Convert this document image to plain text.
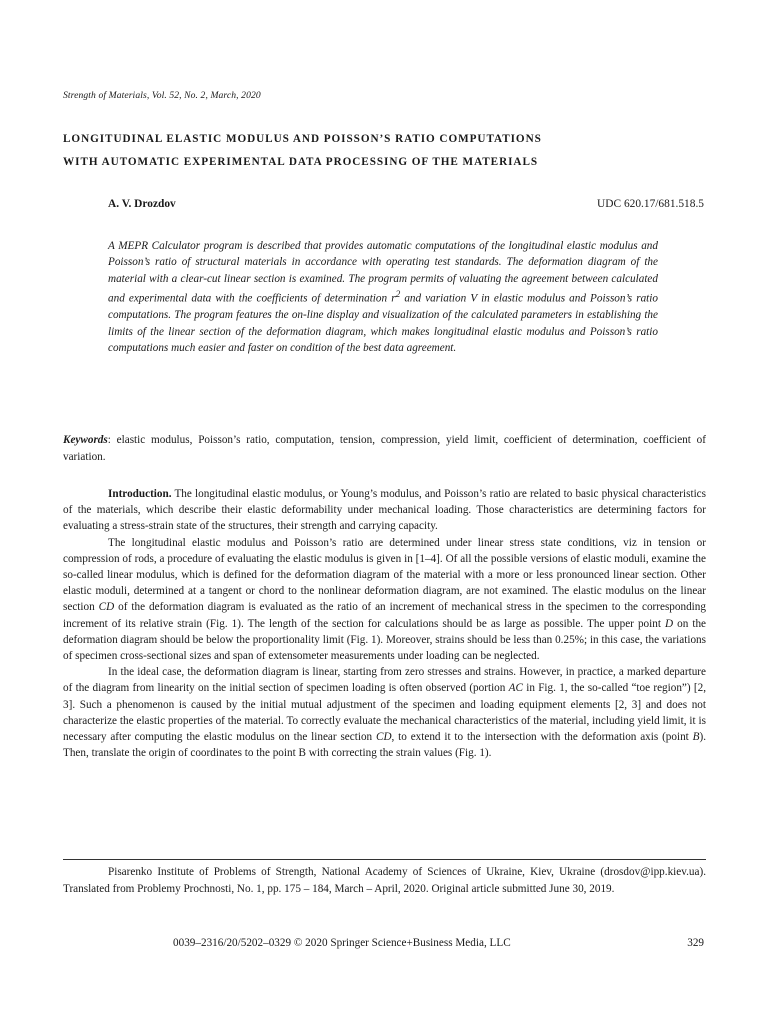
Strength of Materials, Vol. 52, No. 2, March, 2020
LONGITUDINAL ELASTIC MODULUS AND POISSON’S RATIO COMPUTATIONS
WITH AUTOMATIC EXPERIMENTAL DATA PROCESSING OF THE MATERIALS
A. V. Drozdov	UDC 620.17/681.518.5

A MEPR Calculator program is described that provides automatic computations of the longitudinal elastic modulus and Poisson’s ratio of structural materials in accordance with operating test standards. The deformation diagram of the material with a clear-cut linear section is examined. The program permits of valuating the agreement between calculated and experimental data with the coefficients of determination $r^2$ and variation V in elastic modulus and Poisson’s ratio computations. The program features the on-line display and visualization of the calculated parameters in establishing the limits of the linear section of the deformation diagram, which makes longitudinal elastic modulus and Poisson’s ratio computations much easier and faster on condition of the best data agreement.

Keywords: elastic modulus, Poisson’s ratio, computation, tension, compression, yield limit, coefficient of determination, coefficient of variation.

Introduction. The longitudinal elastic modulus, or Young’s modulus, and Poisson’s ratio are related to basic physical characteristics of the materials, which describe their elastic deformability under mechanical loading. Those characteristics are determining factors for evaluating a stress-strain state of the structures, their strength and carrying capacity.

The longitudinal elastic modulus and Poisson’s ratio are determined under linear stress state conditions, viz in tension or compression of rods, a procedure of evaluating the elastic modulus is given in [1–4]. Of all the possible versions of elastic moduli, examine the so-called linear modulus, which is defined for the deformation diagram of the material with a more or less pronounced linear section. Other elastic moduli, determined at a tangent or chord to the nonlinear deformation diagram, are not examined. The elastic modulus on the linear section CD of the deformation diagram is evaluated as the ratio of an increment of mechanical stress in the specimen to the corresponding increment of its relative strain (Fig. 1). The length of the section for calculations should be as large as possible. The upper point D on the deformation diagram should be below the proportionality limit (Fig. 1). Moreover, strains should be less than 0.25%; in this case, the variations of specimen cross-sectional sizes and span of extensometer measurements under loading can be neglected.

In the ideal case, the deformation diagram is linear, starting from zero stresses and strains. However, in practice, a marked departure of the diagram from linearity on the initial section of specimen loading is often observed (portion AC in Fig. 1, the so-called “toe region”) [2, 3]. Such a phenomenon is caused by the initial mutual adjustment of the specimen and loading equipment elements [2, 3] and does not characterize the elastic properties of the material. To correctly evaluate the mechanical characteristics of the material, including yield limit, it is necessary after computing the elastic modulus on the linear section CD, to extend it to the intersection with the deformation axis (point B). Then, translate the origin of coordinates to the point B with correcting the strain values (Fig. 1).

Pisarenko Institute of Problems of Strength, National Academy of Sciences of Ukraine, Kiev, Ukraine (drosdov@ipp.kiev.ua). Translated from Problemy Prochnosti, No. 1, pp. 175 – 184, March – April, 2020. Original article submitted June 30, 2019.

0039–2316/20/5202–0329 © 2020 Springer Science+Business Media, LLC	329
